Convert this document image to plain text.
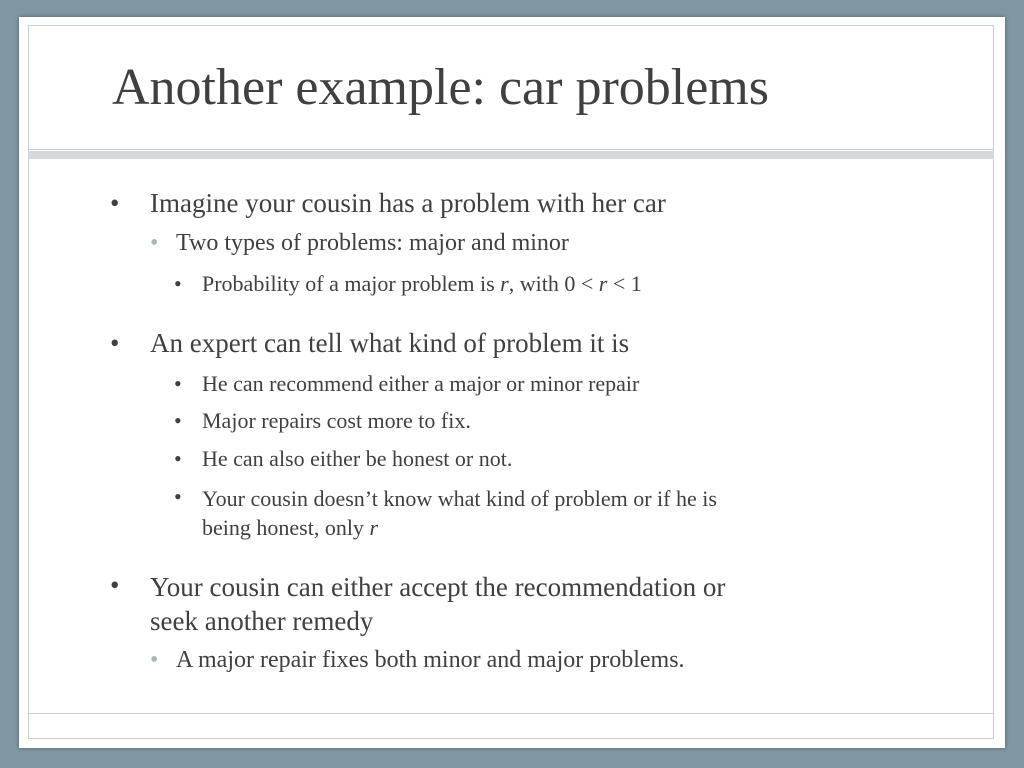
Another example: car problems
•	Imagine your cousin has a problem with her car
• Two types of problems: major and minor
• Probability of a major problem is r, with 0 < r < 1
•	An expert can tell what kind of problem it is
• He can recommend either a major or minor repair
• Major repairs cost more to fix.
• He can also either be honest or not.
• Your cousin doesn’t know what kind of problem or if he is
being honest, only r
• Your cousin can either accept the recommendation or
seek another remedy
• A major repair fixes both minor and major problems.
